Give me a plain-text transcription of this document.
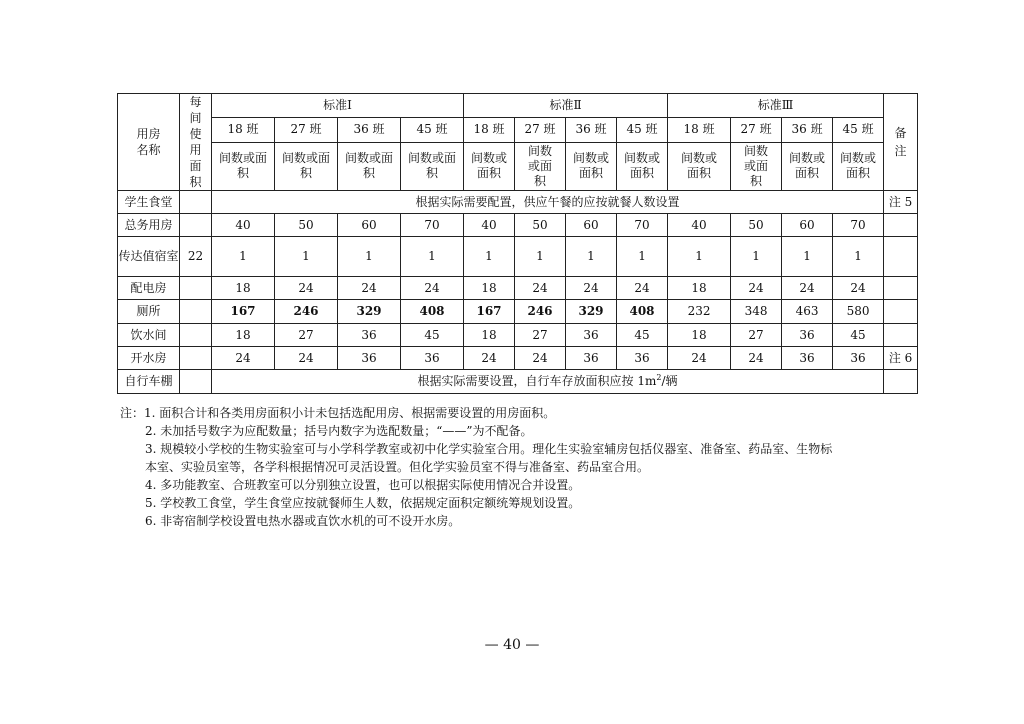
用房名称	每间使用面积	标准Ⅰ				标准Ⅱ				标准Ⅲ				备注

		18 班	27 班	36 班	45 班	18 班	27 班	36 班	45 班	18 班	27 班	36 班	45 班	

		间数或面积	间数或面积	间数或面积	间数或面积	间数或面积	间数或面积	间数或面积	间数或面积	间数或面积	间数或面积	间数或面积	间数或面积	

学生食堂		根据实际需要配置，供应午餐的应按就餐人数设置												注 5
总务用房		40	50	60	70	40	50	60	70	40	50	60	70	
传达值宿室	22	1	1	1	1	1	1	1	1	1	1	1	1	
配电房		18	24	24	24	18	24	24	24	18	24	24	24	
厕所		167	246	329	408	167	246	329	408	232	348	463	580	
饮水间		18	27	36	45	18	27	36	45	18	27	36	45	
开水房		24	24	36	36	24	24	36	36	24	24	36	36	注 6
自行车棚		根据实际需要设置，自行车存放面积应按 $1m^2/$辆												
注：1. 面积合计和各类用房面积小计未包括选配用房、根据需要设置的用房面积。
2. 未加括号数字为应配数量；括号内数字为选配数量；“——”为不配备。
3. 规模较小学校的生物实验室可与小学科学教室或初中化学实验室合用。理化生实验室辅房包括仪器室、准备室、药品室、生物标
本室、实验员室等，各学科根据情况可灵活设置。但化学实验员室不得与准备室、药品室合用。
4. 多功能教室、合班教室可以分别独立设置，也可以根据实际使用情况合并设置。
5. 学校教工食堂，学生食堂应按就餐师生人数，依据规定面积定额统筹规划设置。
6. 非寄宿制学校设置电热水器或直饮水机的可不设开水房。
— 40 —
